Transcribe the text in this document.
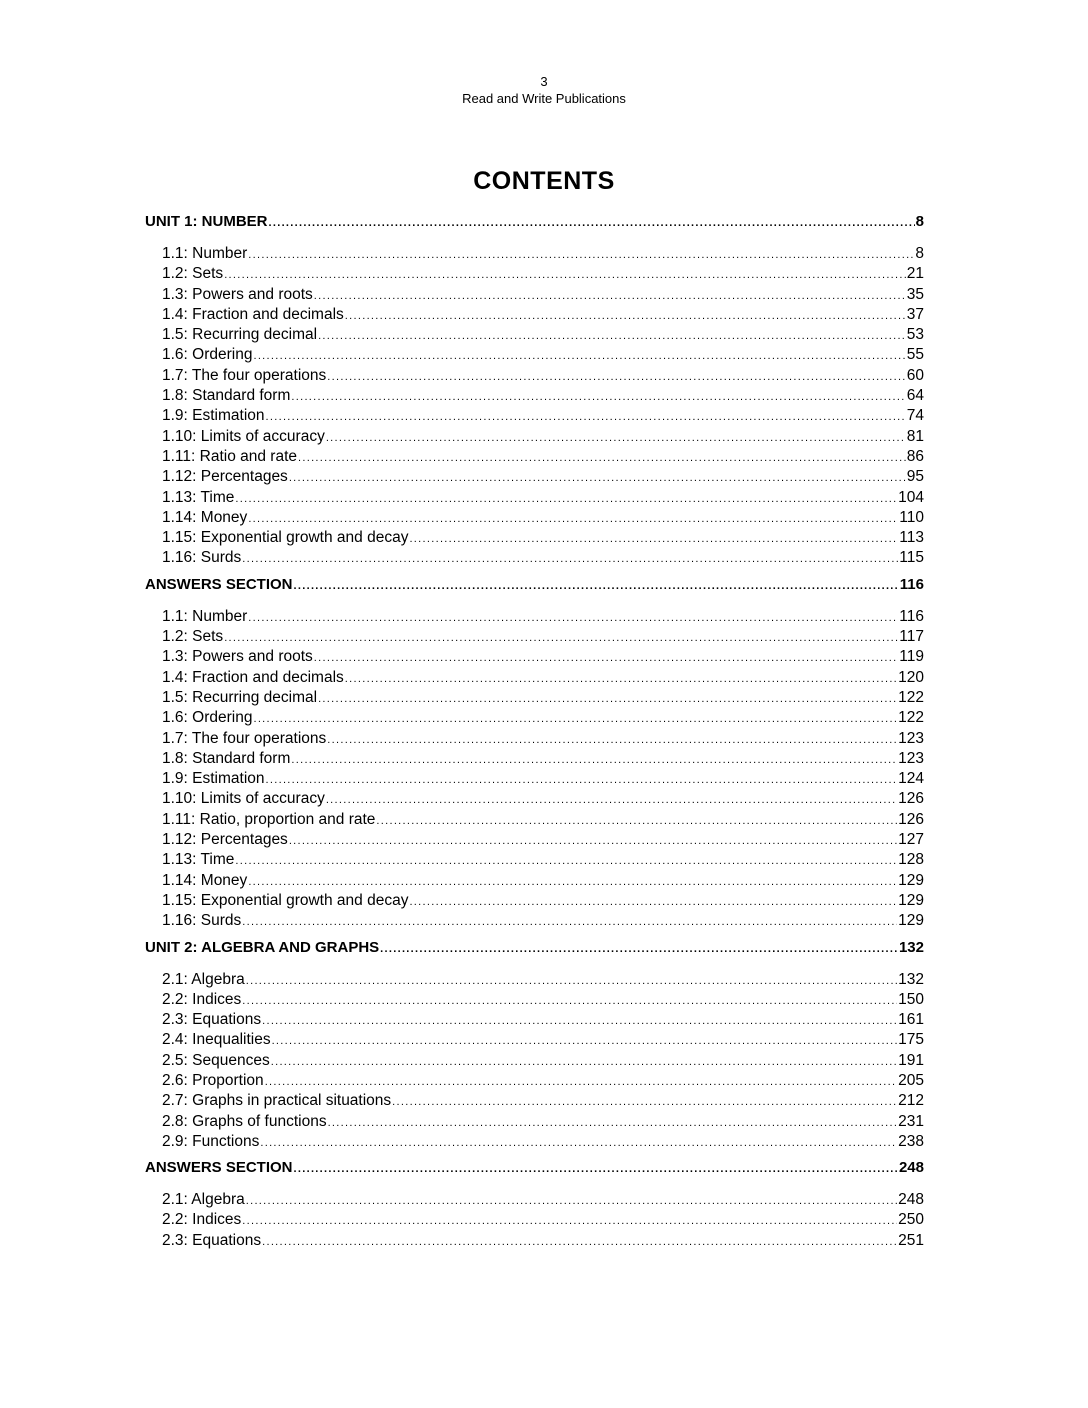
3
Read and Write Publications
CONTENTS
UNIT 1: NUMBER .....	8
1.1: Number .....	8
1.2: Sets .....	21
1.3: Powers and roots .....	35
1.4: Fraction and decimals .....	37
1.5: Recurring decimal .....	53
1.6: Ordering .....	55
1.7: The four operations .....	60
1.8: Standard form .....	64
1.9: Estimation .....	74
1.10: Limits of accuracy .....	81
1.11: Ratio and rate .....	86
1.12: Percentages .....	95
1.13: Time .....	104
1.14: Money .....	110
1.15: Exponential growth and decay .....	113
1.16: Surds .....	115
ANSWERS SECTION .....	116
1.1: Number .....	116
1.2: Sets .....	117
1.3: Powers and roots .....	119
1.4: Fraction and decimals .....	120
1.5: Recurring decimal .....	122
1.6: Ordering .....	122
1.7: The four operations .....	123
1.8: Standard form .....	123
1.9: Estimation .....	124
1.10: Limits of accuracy .....	126
1.11: Ratio, proportion and rate .....	126
1.12: Percentages .....	127
1.13: Time .....	128
1.14: Money .....	129
1.15: Exponential growth and decay .....	129
1.16: Surds .....	129
UNIT 2: ALGEBRA AND GRAPHS .....	132
2.1: Algebra .....	132
2.2: Indices .....	150
2.3: Equations .....	161
2.4: Inequalities .....	175
2.5: Sequences .....	191
2.6: Proportion .....	205
2.7: Graphs in practical situations .....	212
2.8: Graphs of functions .....	231
2.9: Functions .....	238
ANSWERS SECTION .....	248
2.1: Algebra .....	248
2.2: Indices .....	250
2.3: Equations .....	251
